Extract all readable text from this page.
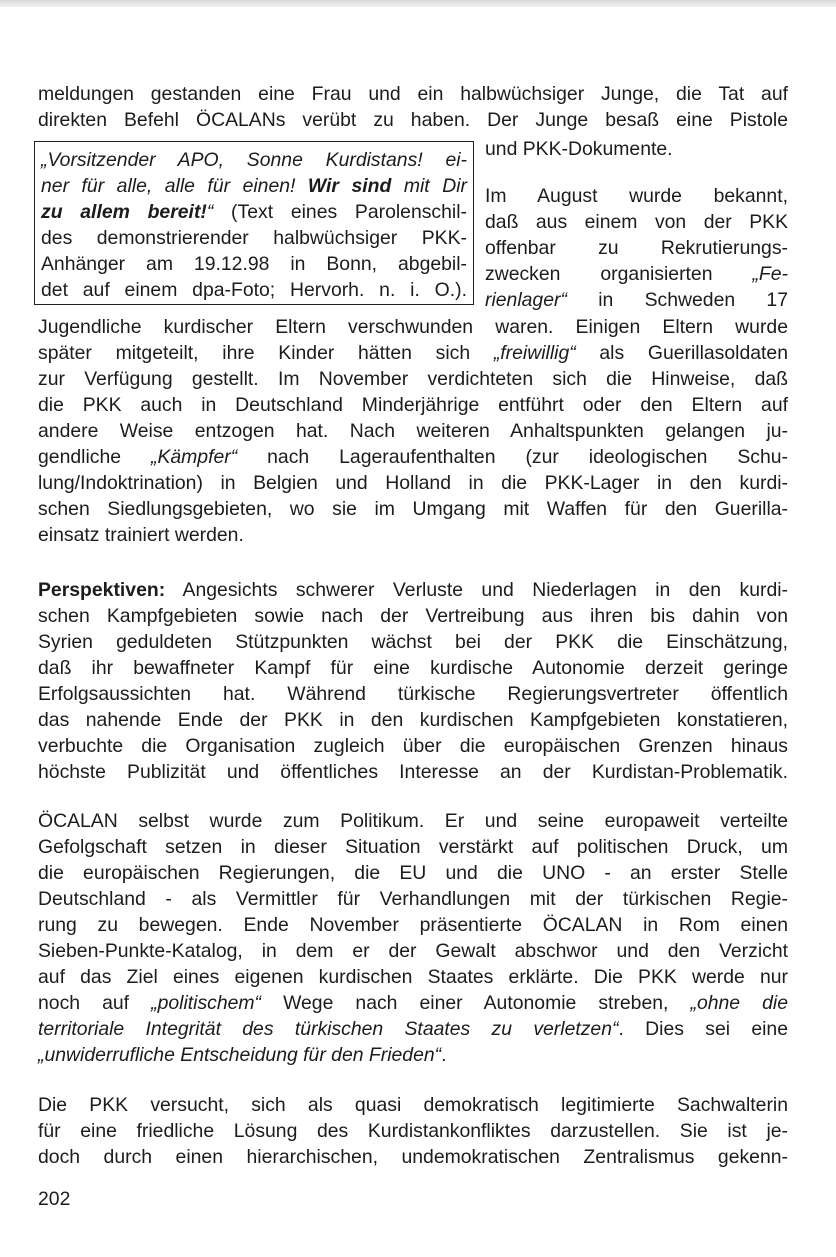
meldungen gestanden eine Frau und ein halbwüchsiger Junge, die Tat auf
direkten Befehl ÖCALANs verübt zu haben. Der Junge besaß eine Pistole
und PKK-Dokumente.
Im August wurde bekannt,
daß aus einem von der PKK
offenbar zu Rekrutierungs-
zwecken organisierten „Fe-
rienlager“ in Schweden 17
Jugendliche kurdischer Eltern verschwunden waren. Einigen Eltern wurde
später mitgeteilt, ihre Kinder hätten sich „freiwillig“ als Guerillasoldaten
zur Verfügung gestellt. Im November verdichteten sich die Hinweise, daß
die PKK auch in Deutschland Minderjährige entführt oder den Eltern auf
andere Weise entzogen hat. Nach weiteren Anhaltspunkten gelangen ju-
gendliche „Kämpfer“ nach Lageraufenthalten (zur ideologischen Schu-
lung/Indoktrination) in Belgien und Holland in die PKK-Lager in den kurdi-
schen Siedlungsgebieten, wo sie im Umgang mit Waffen für den Guerilla-
einsatz trainiert werden.
„Vorsitzender APO, Sonne Kurdistans! ei-
ner für alle, alle für einen! Wir sind mit Dir
zu allem bereit!“ (Text eines Parolenschil-
des demonstrierender halbwüchsiger PKK-
Anhänger am 19.12.98 in Bonn, abgebil-
det auf einem dpa-Foto; Hervorh. n. i. O.).
Perspektiven: Angesichts schwerer Verluste und Niederlagen in den kurdi-
schen Kampfgebieten sowie nach der Vertreibung aus ihren bis dahin von
Syrien geduldeten Stützpunkten wächst bei der PKK die Einschätzung,
daß ihr bewaffneter Kampf für eine kurdische Autonomie derzeit geringe
Erfolgsaussichten hat. Während türkische Regierungsvertreter öffentlich
das nahende Ende der PKK in den kurdischen Kampfgebieten konstatieren,
verbuchte die Organisation zugleich über die europäischen Grenzen hinaus
höchste Publizität und öffentliches Interesse an der Kurdistan-Problematik.
ÖCALAN selbst wurde zum Politikum. Er und seine europaweit verteilte
Gefolgschaft setzen in dieser Situation verstärkt auf politischen Druck, um
die europäischen Regierungen, die EU und die UNO - an erster Stelle
Deutschland - als Vermittler für Verhandlungen mit der türkischen Regie-
rung zu bewegen. Ende November präsentierte ÖCALAN in Rom einen
Sieben-Punkte-Katalog, in dem er der Gewalt abschwor und den Verzicht
auf das Ziel eines eigenen kurdischen Staates erklärte. Die PKK werde nur
noch auf „politischem“ Wege nach einer Autonomie streben, „ohne die
territoriale Integrität des türkischen Staates zu verletzen“. Dies sei eine
„unwiderrufliche Entscheidung für den Frieden“.
Die PKK versucht, sich als quasi demokratisch legitimierte Sachwalterin
für eine friedliche Lösung des Kurdistankonfliktes darzustellen. Sie ist je-
doch durch einen hierarchischen, undemokratischen Zentralismus gekenn-
202
